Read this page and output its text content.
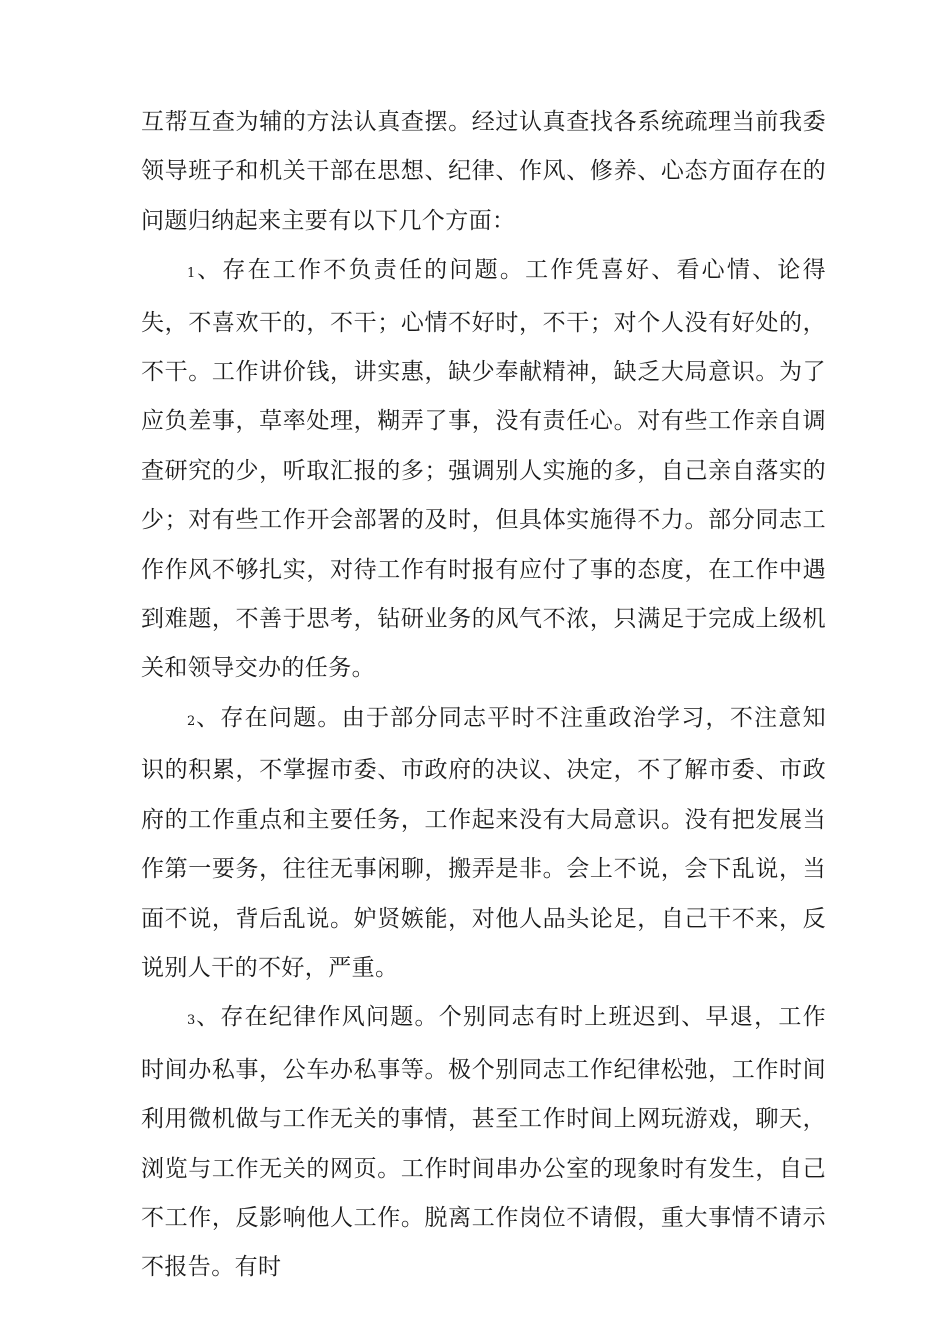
互帮互查为辅的方法认真查摆。经过认真查找各系统疏理当前我委领导班子和机关干部在思想、纪律、作风、修养、心态方面存在的问题归纳起来主要有以下几个方面：

1、存在工作不负责任的问题。工作凭喜好、看心情、论得失，不喜欢干的，不干；心情不好时，不干；对个人没有好处的，不干。工作讲价钱，讲实惠，缺少奉献精神，缺乏大局意识。为了应负差事，草率处理，糊弄了事，没有责任心。对有些工作亲自调查研究的少，听取汇报的多；强调别人实施的多，自己亲自落实的少；对有些工作开会部署的及时，但具体实施得不力。部分同志工作作风不够扎实，对待工作有时报有应付了事的态度，在工作中遇到难题，不善于思考，钻研业务的风气不浓，只满足于完成上级机关和领导交办的任务。

2、存在问题。由于部分同志平时不注重政治学习，不注意知识的积累，不掌握市委、市政府的决议、决定，不了解市委、市政府的工作重点和主要任务，工作起来没有大局意识。没有把发展当作第一要务，往往无事闲聊，搬弄是非。会上不说，会下乱说，当面不说，背后乱说。妒贤嫉能，对他人品头论足，自己干不来，反说别人干的不好，严重。

3、存在纪律作风问题。个别同志有时上班迟到、早退，工作时间办私事，公车办私事等。极个别同志工作纪律松弛，工作时间利用微机做与工作无关的事情，甚至工作时间上网玩游戏，聊天，浏览与工作无关的网页。工作时间串办公室的现象时有发生，自己不工作，反影响他人工作。脱离工作岗位不请假，重大事情不请示不报告。有时
